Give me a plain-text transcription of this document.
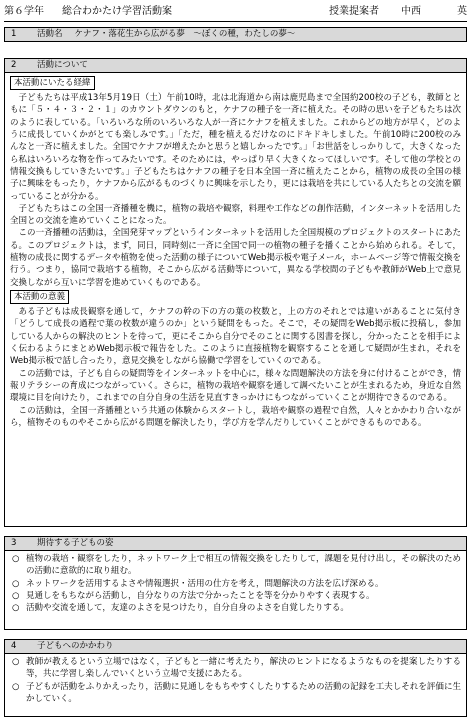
第６学年	総合わかたけ学習活動案	授業提案者	中西	英
1	活動名 ケナフ・落花生から広がる夢　～ぼくの種，わたしの夢～
2	活動について
本活動にいたる経緯

子どもたちは平成13年5月19日（土）午前10時，北は北海道から南は鹿児島まで全国約200校の子ども，教師とともに「５・４・３・２・１」のカウントダウンのもと，ケナフの種子を一斉に植えた。その時の思いを子どもたちは次のように表している。「いろいろな所のいろいろな人が一斉にケナフを植えました。これからどの地方が早く，どのように成長していくかがとても楽しみです。」「ただ，種を植えるだけなのにドキドキしました。午前10時に200校のみんなと一斉に植えました。全国でケナフが増えたかと思うと嬉しかったです。」「お世話をしっかりして，大きくなったら私はいろいろな物を作ってみたいです。そのためには，やっぱり早く大きくなってほしいです。そして他の学校との情報交換もしていきたいです。」子どもたちはケナフの種子を日本全国一斉に植えたことから，植物の成長の全国の様子に興味をもったり，ケナフから広がるものづくりに興味を示したり，更には栽培を共にしている人たちとの交流を願っていることが分かる。

子どもたちはこの全国一斉播種を機に，植物の栽培や観察，料理や工作などの創作活動，インターネットを活用した全国との交流を進めていくことになった。

この一斉播種の活動は，全国発芽マップというインターネットを活用した全国規模のプロジェクトのスタートにあたる。このプロジェクトは，まず，同日，同時刻に一斉に全国で同一の植物の種子を播くことから始められる。そして，植物の成長に関するデータや植物を使った活動の様子についてWeb掲示板や電子メール，ホームページ等で情報交換を行う。つまり，協同で栽培する植物，そこから広がる活動等について，異なる学校間の子どもや教師がWeb上で意見交換しながら互いに学習を進めていくものである。

本活動の意義

ある子どもは成長観察を通して，ケナフの幹の下の方の葉の枚数と，上の方のそれとでは違いがあることに気付き「どうして成長の過程で葉の枚数が違うのか」という疑問をもった。そこで，その疑問をWeb掲示板に投稿し，参加している人からの解決のヒントを待って，更にそこから自分でそのことに関する図書を探し，分かったことを相手によく伝わるようにまとめWeb掲示板で報告をした。このように直接植物を観察することを通して疑問が生まれ，それをWeb掲示板で話し合ったり，意見交換をしながら協働で学習をしていくのである。

この活動では，子ども自らの疑問等をインターネットを中心に，様々な問題解決の方法を身に付けることができ，情報リテラシーの育成につながっていく。さらに，植物の栽培や観察を通して調べたいことが生まれるため，身近な自然環境に目を向けたり，これまでの自分自身の生活を見直すきっかけにもつながっていくことが期待できるのである。

この活動は，全国一斉播種という共通の体験からスタートし，栽培や観察の過程で自然，人々とかかわり合いながら，植物そのものやそこから広がる問題を解決したり，学び方を学んだりしていくことができるものである。

3	期待する子どもの姿
○ 植物の栽培・観察をしたり，ネットワーク上で相互の情報交換をしたりして，課題を見付け出し，その解決のための活動に意欲的に取り組む。
○ ネットワークを活用するよさや情報選択・活用の仕方を考え，問題解決の方法を広げ深める。
○ 見通しをもちながら活動し，自分なりの方法で分かったことを等を分かりやすく表現する。
○ 活動や交流を通して，友達のよさを見つけたり，自分自身のよさを自覚したりする。
4	子どもへのかかわり
○ 教師が教えるという立場ではなく，子どもと一緒に考えたり，解決のヒントになるようなものを提案したりする等，共に学習し楽しんでいくという立場で支援にあたる。
○ 子どもが活動をふりかえったり，活動に見通しをもちやすくしたりするための活動の記録を工夫しそれを評価に生かしていく。
